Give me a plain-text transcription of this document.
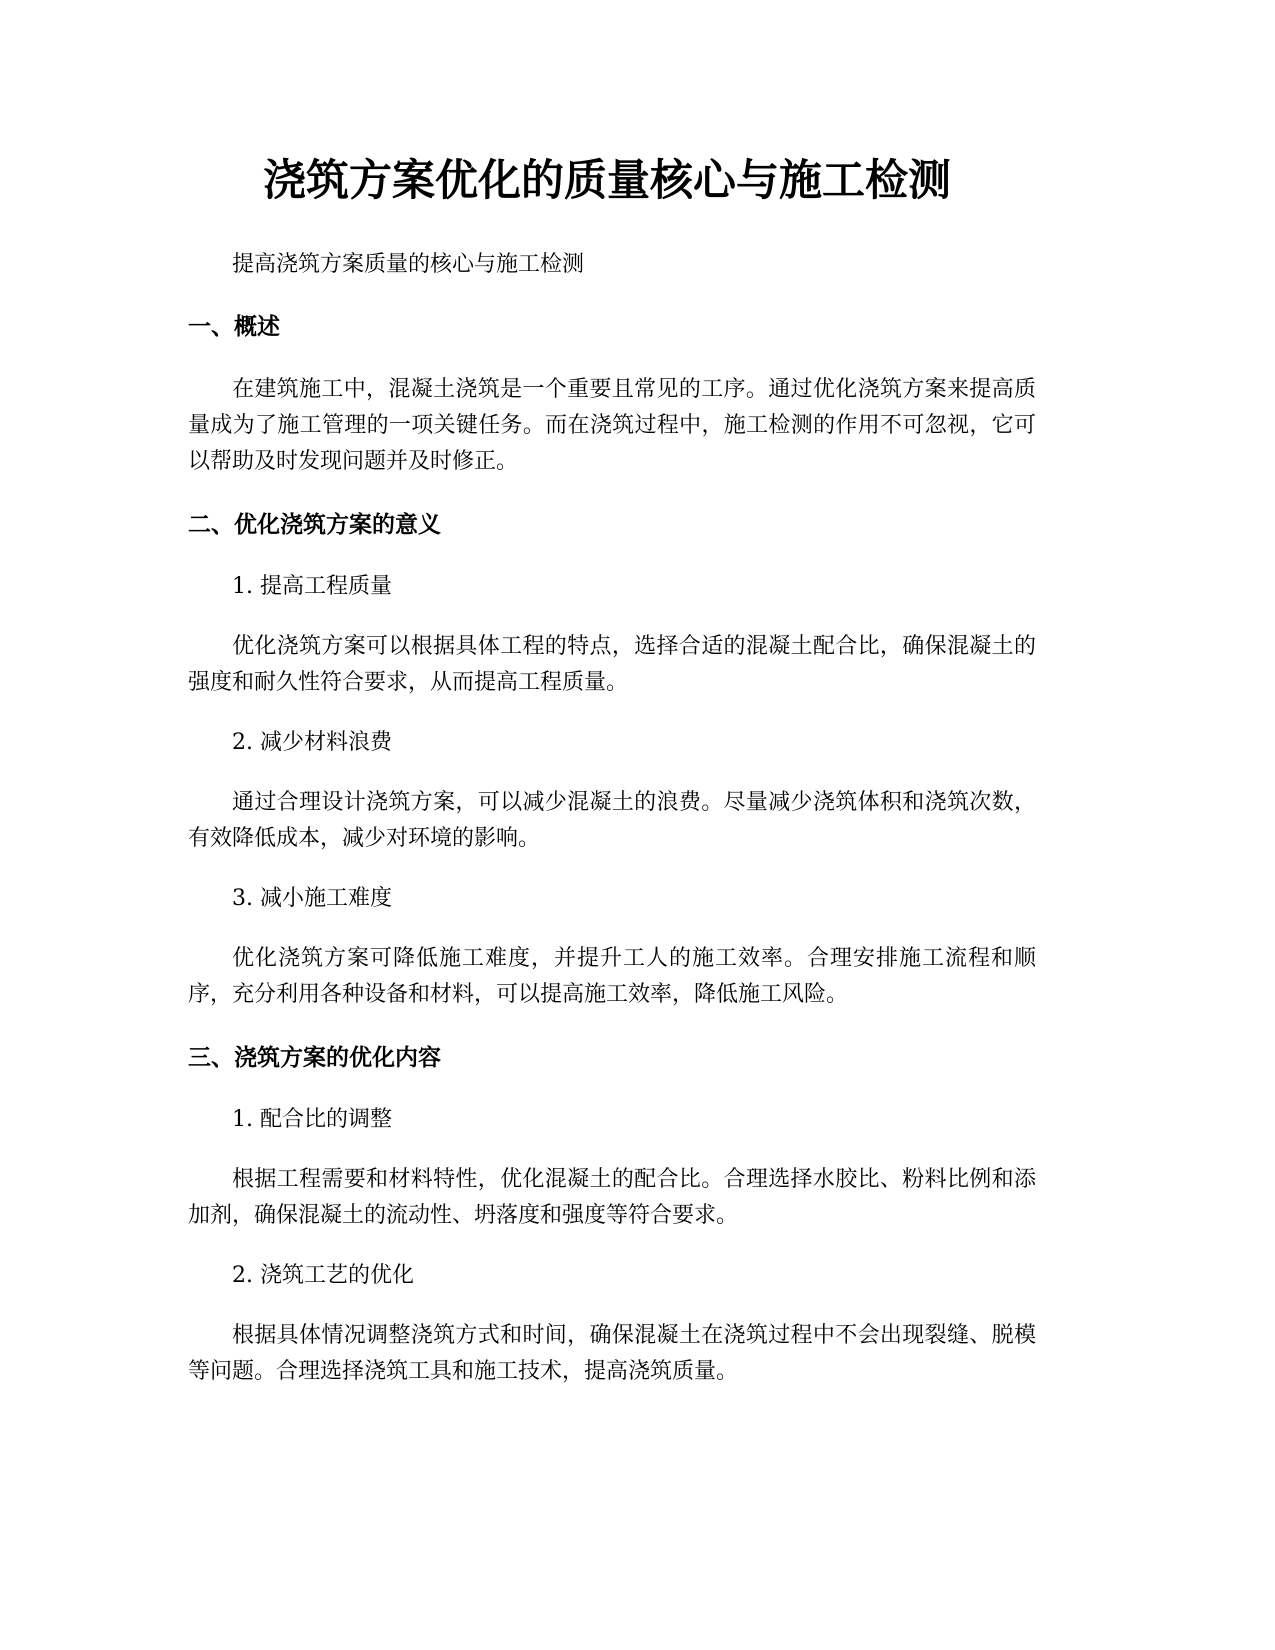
浇筑方案优化的质量核心与施工检测

提高浇筑方案质量的核心与施工检测

一、概述

在建筑施工中，混凝土浇筑是一个重要且常见的工序。通过优化浇筑方案来提高质量成为了施工管理的一项关键任务。而在浇筑过程中，施工检测的作用不可忽视，它可以帮助及时发现问题并及时修正。

二、优化浇筑方案的意义

1. 提高工程质量

优化浇筑方案可以根据具体工程的特点，选择合适的混凝土配合比，确保混凝土的强度和耐久性符合要求，从而提高工程质量。

2. 减少材料浪费

通过合理设计浇筑方案，可以减少混凝土的浪费。尽量减少浇筑体积和浇筑次数，有效降低成本，减少对环境的影响。

3. 减小施工难度

优化浇筑方案可降低施工难度，并提升工人的施工效率。合理安排施工流程和顺序，充分利用各种设备和材料，可以提高施工效率，降低施工风险。

三、浇筑方案的优化内容

1. 配合比的调整

根据工程需要和材料特性，优化混凝土的配合比。合理选择水胶比、粉料比例和添加剂，确保混凝土的流动性、坍落度和强度等符合要求。

2. 浇筑工艺的优化

根据具体情况调整浇筑方式和时间，确保混凝土在浇筑过程中不会出现裂缝、脱模等问题。合理选择浇筑工具和施工技术，提高浇筑质量。
